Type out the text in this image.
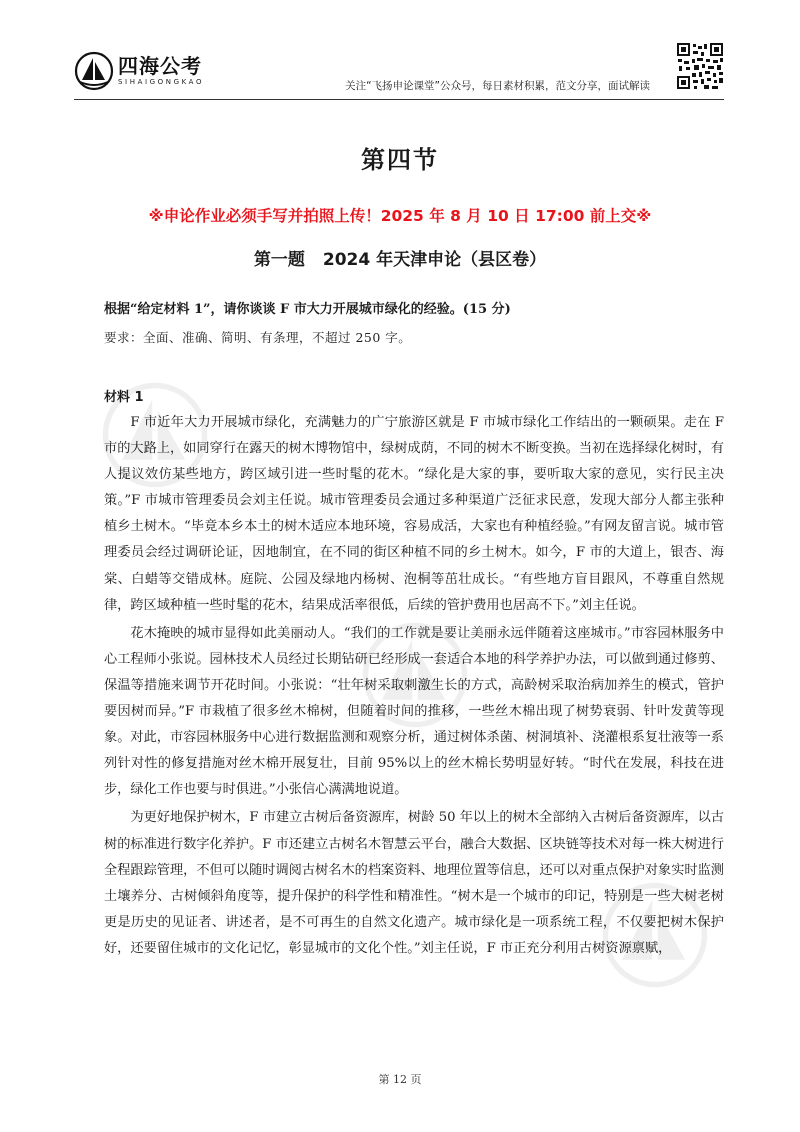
四海公考
SIHAIGONGKAO	关注“飞扬申论课堂”公众号，每日素材积累，范文分享，面试解读
第四节
※申论作业必须手写并拍照上传！2025 年 8 月 10 日 17:00 前上交※
第一题 2024 年天津申论（县区卷）
根据“给定材料 1”，请你谈谈 F 市大力开展城市绿化的经验。(15 分)
要求：全面、准确、简明、有条理，不超过 250 字。
材料 1

F 市近年大力开展城市绿化，充满魅力的广宁旅游区就是 F 市城市绿化工作结出的一颗硕果。走在 F 市的大路上，如同穿行在露天的树木博物馆中，绿树成荫，不同的树木不断变换。当初在选择绿化树时，有人提议效仿某些地方，跨区域引进一些时髦的花木。“绿化是大家的事，要听取大家的意见，实行民主决策。”F 市城市管理委员会刘主任说。城市管理委员会通过多种渠道广泛征求民意，发现大部分人都主张种植乡土树木。“毕竟本乡本土的树木适应本地环境，容易成活，大家也有种植经验。”有网友留言说。城市管理委员会经过调研论证，因地制宜，在不同的街区种植不同的乡土树木。如今，F 市的大道上，银杏、海棠、白蜡等交错成林。庭院、公园及绿地内杨树、泡桐等茁壮成长。“有些地方盲目跟风，不尊重自然规律，跨区域种植一些时髦的花木，结果成活率很低，后续的管护费用也居高不下。”刘主任说。

花木掩映的城市显得如此美丽动人。“我们的工作就是要让美丽永远伴随着这座城市。”市容园林服务中心工程师小张说。园林技术人员经过长期钻研已经形成一套适合本地的科学养护办法，可以做到通过修剪、保温等措施来调节开花时间。小张说：“壮年树采取刺激生长的方式，高龄树采取治病加养生的模式，管护要因树而异。”F 市栽植了很多丝木棉树，但随着时间的推移，一些丝木棉出现了树势衰弱、针叶发黄等现象。对此，市容园林服务中心进行数据监测和观察分析，通过树体杀菌、树洞填补、浇灌根系复壮液等一系列针对性的修复措施对丝木棉开展复壮，目前 95%以上的丝木棉长势明显好转。“时代在发展，科技在进步，绿化工作也要与时俱进。”小张信心满满地说道。

为更好地保护树木，F 市建立古树后备资源库，树龄 50 年以上的树木全部纳入古树后备资源库，以古树的标准进行数字化养护。F 市还建立古树名木智慧云平台，融合大数据、区块链等技术对每一株大树进行全程跟踪管理，不但可以随时调阅古树名木的档案资料、地理位置等信息，还可以对重点保护对象实时监测土壤养分、古树倾斜角度等，提升保护的科学性和精准性。“树木是一个城市的印记，特别是一些大树老树更是历史的见证者、讲述者，是不可再生的自然文化遗产。城市绿化是一项系统工程，不仅要把树木保护好，还要留住城市的文化记忆，彰显城市的文化个性。”刘主任说，F 市正充分利用古树资源禀赋，

第 12 页
